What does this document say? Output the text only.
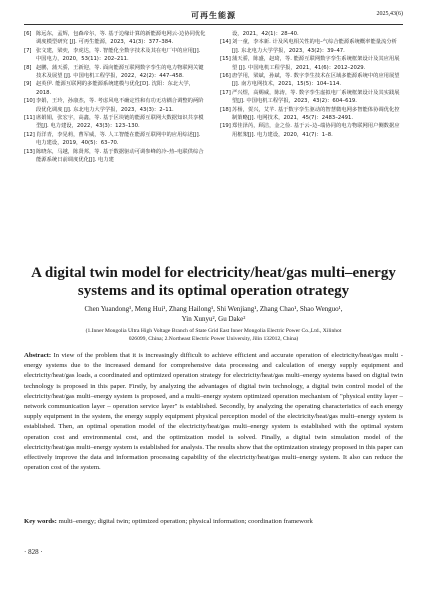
可再生能源	2025,43(6)
[6] 陈远东，孟辉，包森帝尔，等. 基于边缘计算的新能源电网云-边协同优化调度模型研究 [J]. 可再生能源，2023，41(3)：377–384.
[7] 张文建，梁奕，李虎达，等. 智能化全数字技术及其在电厂中的应用[J]. 中国电力，2020，53(11)：202–211.
[8] 赵鹏，蒲天骄，王新迎，等. 面向能源互联网数字孪生的电力物联网关键技术及展望 [J]. 中国电机工程学报，2022，42(2)：447–458.
[9] 赵英伊. 能源互联网的多能源系统建模与优化[D]. 沈阳：东北大学，2018.
[10] 李娟，王玲，孙康杰，等. 考虑风电不确定性和有功无功耦合调整的两阶段优化调度 [J]. 东北电力大学学报，2023，43(3)：2–11.
[11] 席娟娟，张宏宇，高鑫，等. 基于区块链的能源互联网大数据知识共享模型[J]. 电力建设，2022，43(3)：123–130.
[12] 肖洋青，李晃莉，曹军威，等. 人工智能在能源互联网中的应用综述[J]. 电力建设，2019，40(5)：63–70.
[13] 陈晓东，马越，陈贤邦，等. 基于数据驱动可调参峰的冷–热–电联供综合能源系统日前调度优化[J]. 电力建
设，2021，42(1)：28–40.
[14] 刘一童，李本新. 计及风电相关性的电–气综合能源系统概率能量流分析 [J]. 东北电力大学学报，2023，43(2)：39–47.
[15] 蒲天骄，陈盛，赵琦，等. 能源互联网数字孪生系统框架设计及其应用展望 [J]. 中国电机工程学报，2021，41(6)：2012–2029.
[16] 唐学用，梁斌，孙斌，等. 数字孪生技术在区域多能源系统中的应用展望 [J]. 南方电网技术，2021，15(5)：104–114.
[17] 严兴煜，高赐威，陈涛，等. 数字孪生虚拟电厂系统框架设计及其实践展望[J]. 中国电机工程学报，2023，43(2)：604–619.
[18] 苏杨，贺兴，艾芊. 基于数字孪生驱动的智慧微电网多智能体协调优化控制策略[J]. 电网技术，2021，45(7)：2483–2491.
[19] 郑佳泽芮，顾洁，金之俭. 基于云–边–端协同的电力物联网用户侧数据应用框架[J]. 电力建设，2020，41(7)：1–8.
A digital twin model for electricity/heat/gas multi–energy systems and its optimal operation otrategy
Chen Yuandong¹, Meng Hui¹, Zhang Hailong¹, Shi Wenjiang¹, Zhang Chao¹, Shao Wenguo¹,
Yin Xunyu², Gu Dake²
(1.Inner Mongolia Ultra High Voltage Branch of State Grid East Inner Mongolia Electric Power Co.,Ltd., Xilinhot
026099, China; 2.Northeast Electric Power University, Jilin 132012, China)
Abstract: In view of the problem that it is increasingly difficult to achieve efficient and accurate operation of electricity/heat/gas multi -energy systems due to the increased demand for comprehensive data processing and calculation of energy supply equipment and electricity/heat/gas loads, a coordinated and optimized operation strategy for electricity/heat/gas multi–energy systems based on digital twin technology is proposed in this paper. Firstly, by analyzing the advantages of digital twin technology, a digital twin control model of the electricity/heat/gas multi–energy system is proposed, and a multi–energy system optimized operation mechanism of "physical entity layer – network communication layer – operation service layer" is established. Secondly, by analyzing the operating characteristics of each energy supply equipment in the system, the energy supply equipment physical perception model of the electricity/heat/gas multi–energy system is established. Then, an optimal operation model of the electricity/heat/gas multi–energy system is established with the optimal system operation cost and environmental cost, and the optimization model is solved. Finally, a digital twin simulation model of the electricity/heat/gas multi–energy system is established for analysis. The results show that the optimization strategy proposed in this paper can effectively improve the data and information processing capability of the electricity/heat/gas multi–energy system. It also can reduce the operation cost of the system.
Key words: multi–energy; digital twin; optimized operation; physical information; coordination framework
· 828 ·
